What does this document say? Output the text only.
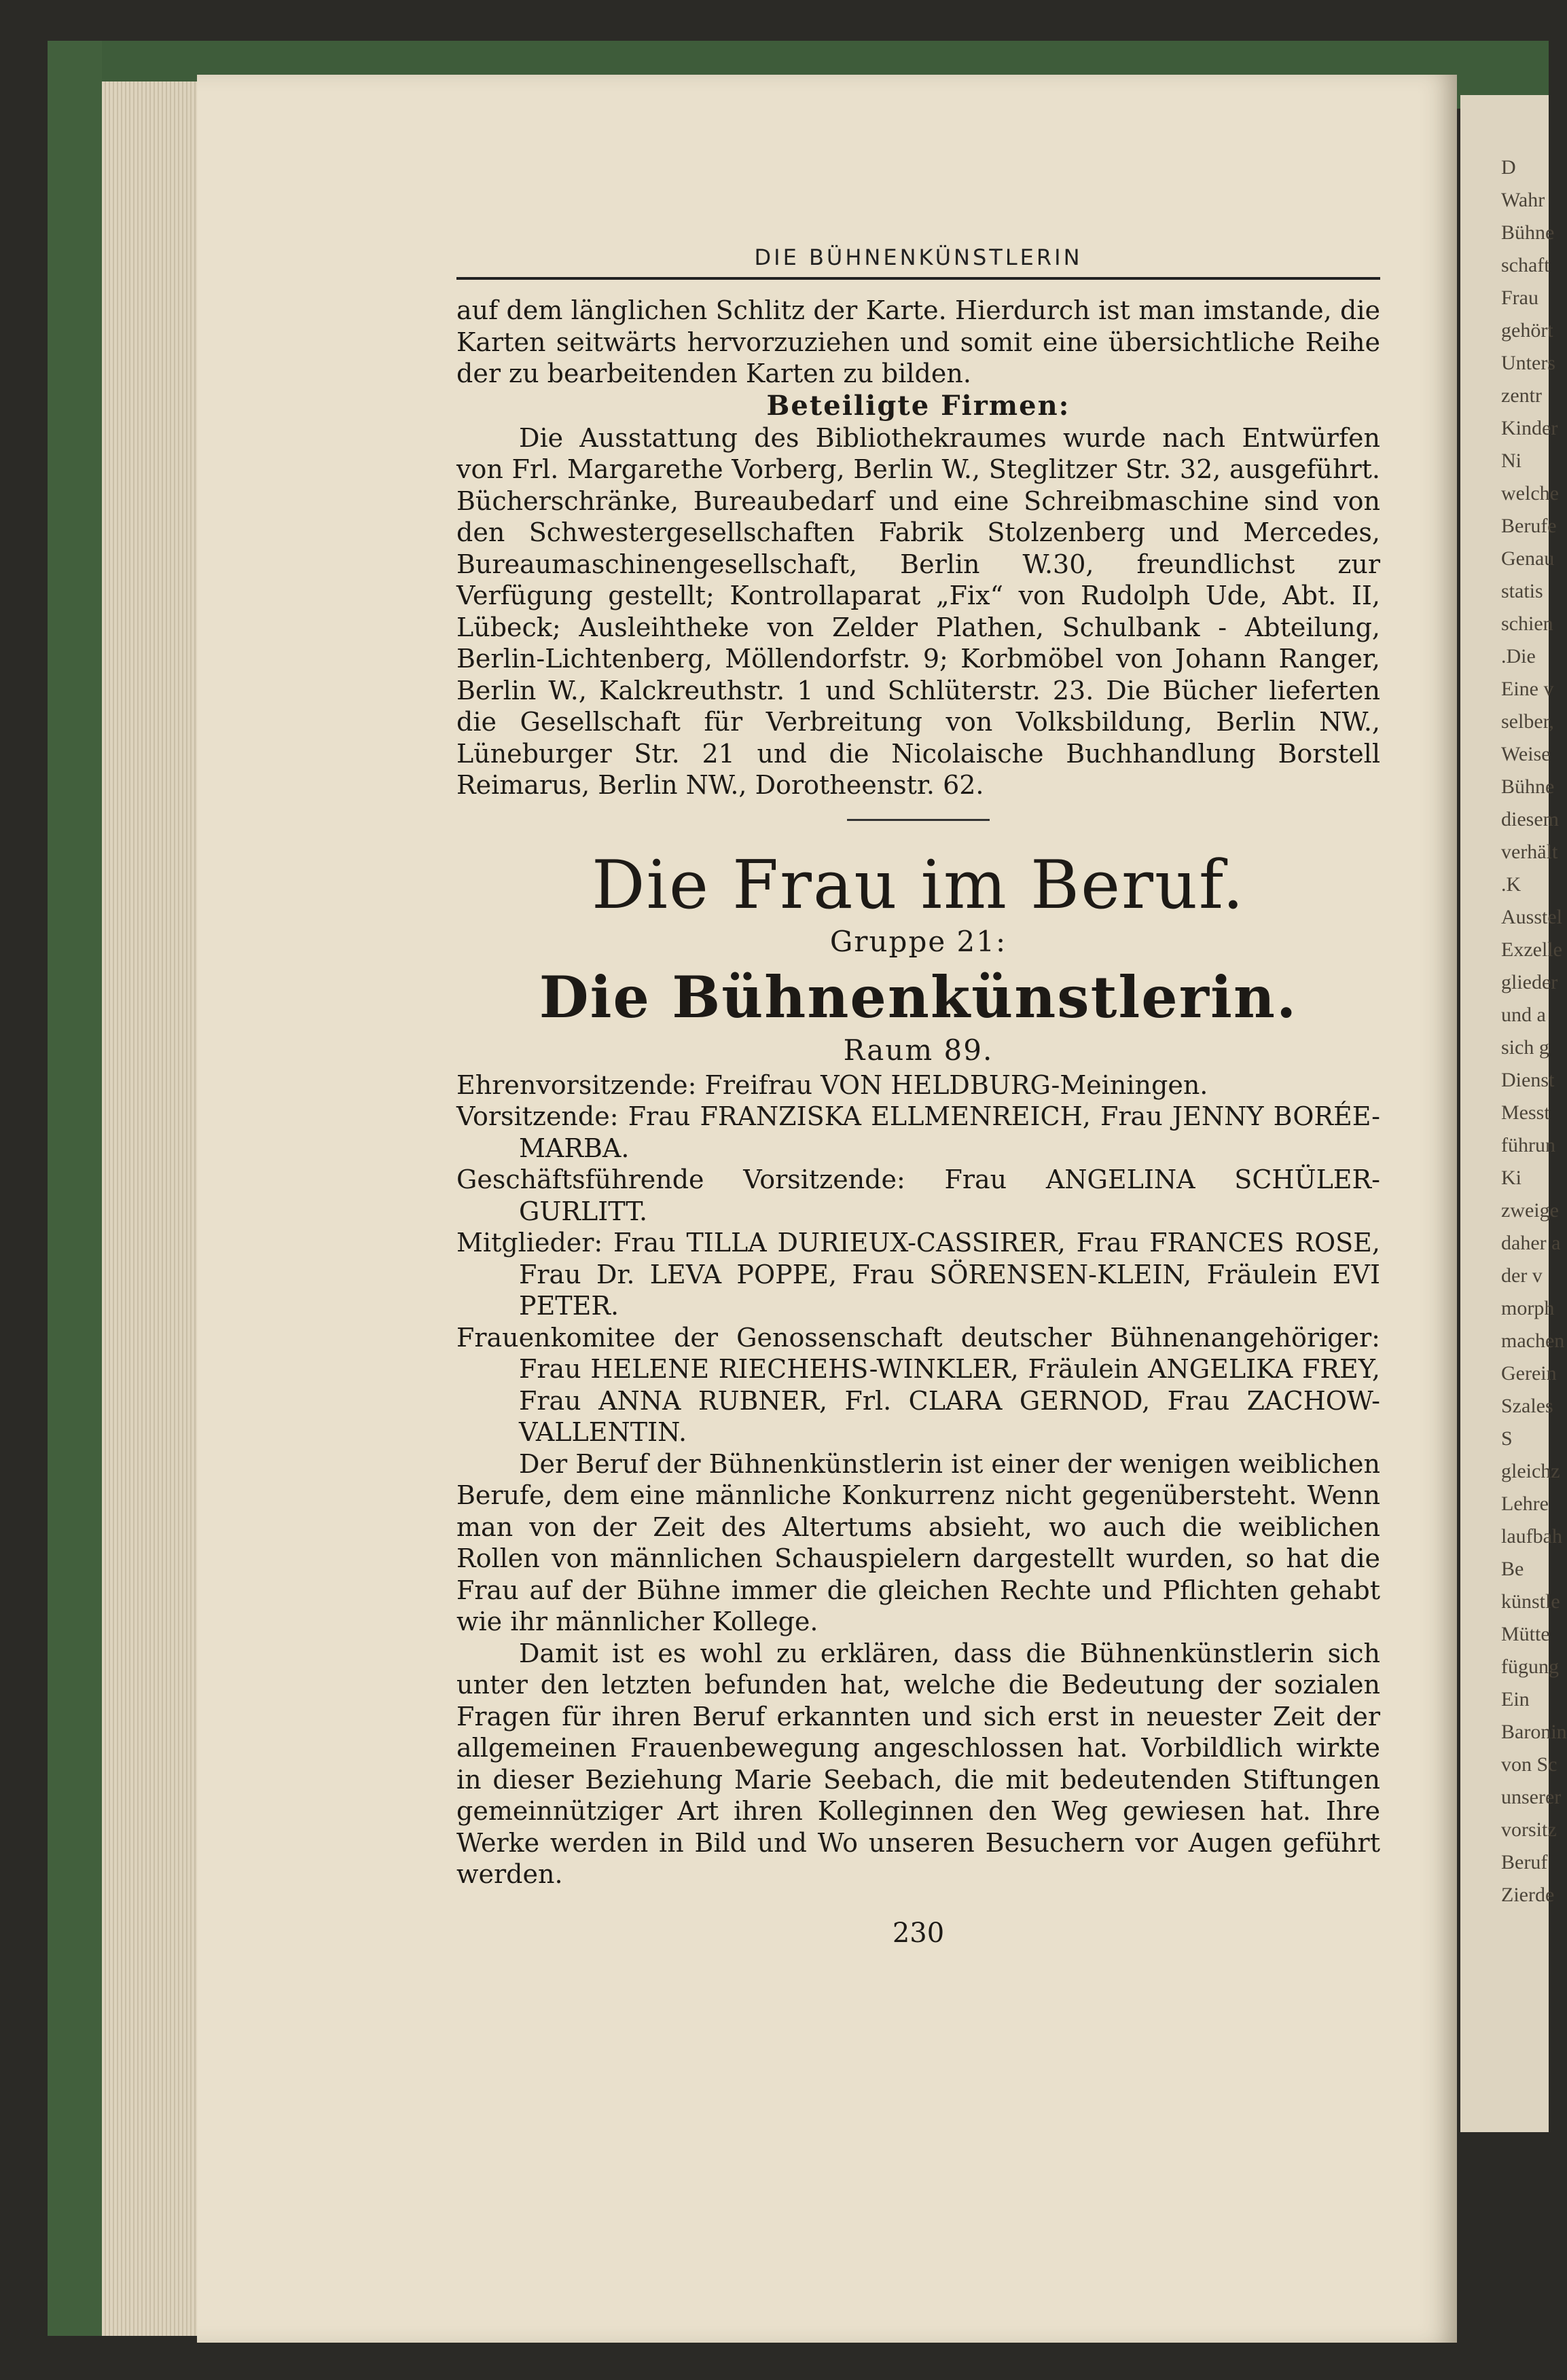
D
Wahr
Bühne
schaft
Frau
gehört
Unters
zentr
Kinder
Ni
welche
Berufe
Genau
statis
schien
.Die
Eine v
selber,
Weise
Bühne
diesem
verhält
.K
Ausstel
Exzelle
glieder
und a
sich g
Dienst
Messt
führun
Ki
zweige
daher a
der v
morph
machen
Gerein
Szales
S
gleichz
Lehre
laufbah
Be
künstle
Mütte
fügung
Ein
Baronin
von Sc
unserer
vorsitz
Beruf
Zierde
DIE BÜHNENKÜNSTLERIN

auf dem länglichen Schlitz der Karte. Hierdurch ist man imstande, die Karten seitwärts hervorzuziehen und somit eine übersichtliche Reihe der zu bearbeitenden Karten zu bilden.

Beteiligte Firmen:

Die Ausstattung des Bibliothekraumes wurde nach Entwürfen von Frl. Margarethe Vorberg, Berlin W., Steglitzer Str. 32, ausgeführt. Bücherschränke, Bureaubedarf und eine Schreibmaschine sind von den Schwestergesellschaften Fabrik Stolzenberg und Mercedes, Bureaumaschinengesellschaft, Berlin W.30, freundlichst zur Verfügung gestellt; Kontrollaparat „Fix“ von Rudolph Ude, Abt. II, Lübeck; Ausleihtheke von Zelder Plathen, Schulbank - Abteilung, Berlin-Lichtenberg, Möllendorfstr. 9; Korbmöbel von Johann Ranger, Berlin W., Kalckreuthstr. 1 und Schlüterstr. 23. Die Bücher lieferten die Gesellschaft für Verbreitung von Volksbildung, Berlin NW., Lüneburger Str. 21 und die Nicolaische Buchhandlung Borstell Reimarus, Berlin NW., Dorotheenstr. 62.

Die Frau im Beruf.

Gruppe 21:

Die Bühnenkünstlerin.

Raum 89.

Ehrenvorsitzende: Freifrau VON HELDBURG-Meiningen.

Vorsitzende: Frau FRANZISKA ELLMENREICH, Frau JENNY BORÉE-MARBA.

Geschäftsführende Vorsitzende: Frau ANGELINA SCHÜLER-GURLITT.

Mitglieder: Frau TILLA DURIEUX-CASSIRER, Frau FRANCES ROSE, Frau Dr. LEVA POPPE, Frau SÖRENSEN-KLEIN, Fräulein EVI PETER.

Frauenkomitee der Genossenschaft deutscher Bühnenangehöriger: Frau HELENE RIECHEHS-WINKLER, Fräulein ANGELIKA FREY, Frau ANNA RUBNER, Frl. CLARA GERNOD, Frau ZACHOW-VALLENTIN.

Der Beruf der Bühnenkünstlerin ist einer der wenigen weiblichen Berufe, dem eine männliche Konkurrenz nicht gegenübersteht. Wenn man von der Zeit des Altertums absieht, wo auch die weiblichen Rollen von männlichen Schauspielern dargestellt wurden, so hat die Frau auf der Bühne immer die gleichen Rechte und Pflichten gehabt wie ihr männlicher Kollege.

Damit ist es wohl zu erklären, dass die Bühnenkünstlerin sich unter den letzten befunden hat, welche die Bedeutung der sozialen Fragen für ihren Beruf erkannten und sich erst in neuester Zeit der allgemeinen Frauenbewegung angeschlossen hat. Vorbildlich wirkte in dieser Beziehung Marie Seebach, die mit bedeutenden Stiftungen gemeinnütziger Art ihren Kolleginnen den Weg gewiesen hat. Ihre Werke werden in Bild und Wo unseren Besuchern vor Augen geführt werden.

230
